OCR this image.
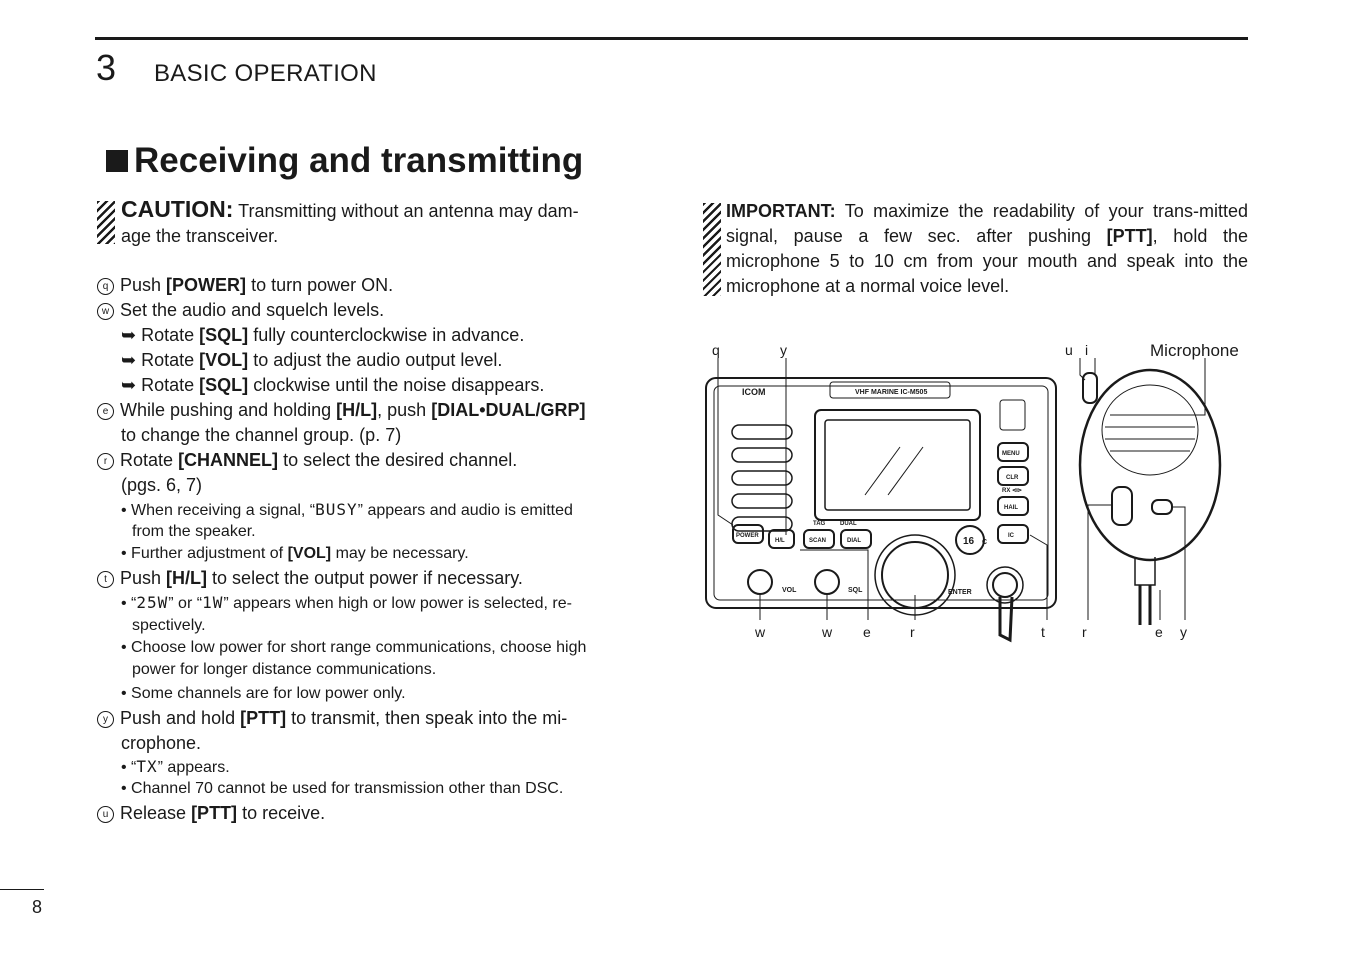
3 BASIC OPERATION
Receiving and transmitting
CAUTION: Transmitting without an antenna may dam-
age the transceiver.
q Push [POWER] to turn power ON.
w Set the audio and squelch levels.
➥ Rotate [SQL] fully counterclockwise in advance.
➥ Rotate [VOL] to adjust the audio output level.
➥ Rotate [SQL] clockwise until the noise disappears.
e While pushing and holding [H/L], push [DIAL•DUAL/GRP]
to change the channel group. (p. 7)
r Rotate [CHANNEL] to select the desired channel.
(pgs. 6, 7)
• When receiving a signal, “BUSY” appears and audio is emitted
from the speaker.
• Further adjustment of [VOL] may be necessary.
t Push [H/L] to select the output power if necessary.
• “25W” or “1W” appears when high or low power is selected, re-
spectively.
• Choose low power for short range communications, choose high
power for longer distance communications.
• Some channels are for low power only.
y Push and hold [PTT] to transmit, then speak into the mi-
crophone.
• “TX” appears.
• Channel 70 cannot be used for transmission other than DSC.
u Release [PTT] to receive.
IMPORTANT: To maximize the readability of your trans-mitted signal, pause a few sec. after pushing [PTT], hold the microphone 5 to 10 cm from your mouth and speak into the microphone at a normal voice level.
Microphone
ICOM	VHF MARINE IC-M505
POWER
H/L	SCAN	DIAL
TAG DUAL
MENU
CLR
RX ⊲⊳
HAIL
IC
16 C
VOL	SQL	ENTER
q	y	u i
w	w e	r	t	r	e y
8
